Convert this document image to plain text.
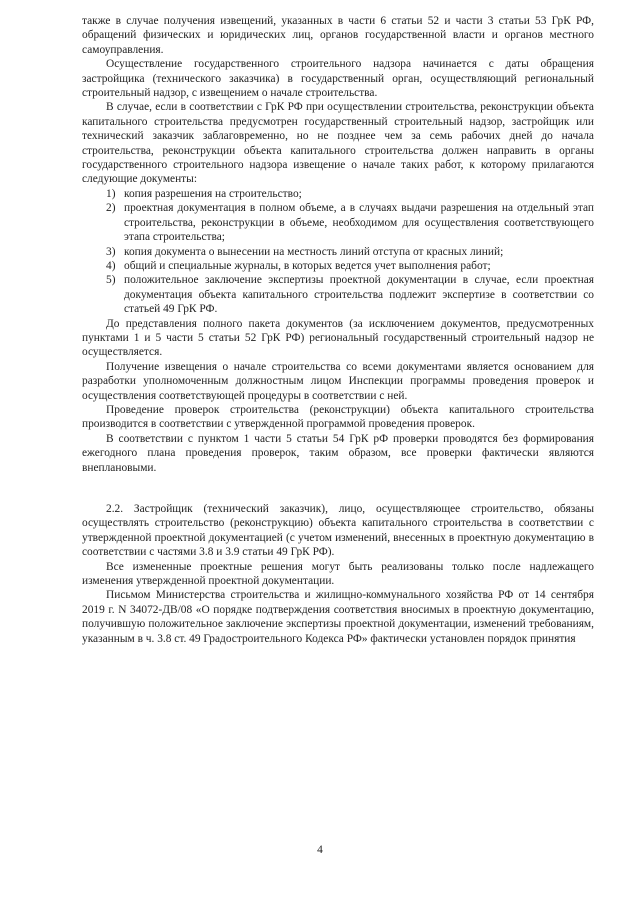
также в случае получения извещений, указанных в части 6 статьи 52 и части 3 статьи 53 ГрК РФ, обращений физических и юридических лиц, органов государственной власти и органов местного самоуправления.

Осуществление государственного строительного надзора начинается с даты обращения застройщика (технического заказчика) в государственный орган, осуществляющий региональный строительный надзор, с извещением о начале строительства.

В случае, если в соответствии с ГрК РФ при осуществлении строительства, реконструкции объекта капитального строительства предусмотрен государственный строительный надзор, застройщик или технический заказчик заблаговременно, но не позднее чем за семь рабочих дней до начала строительства, реконструкции объекта капитального строительства должен направить в органы государственного строительного надзора извещение о начале таких работ, к которому прилагаются следующие документы:

1) копия разрешения на строительство;
2) проектная документация в полном объеме, а в случаях выдачи разрешения на отдельный этап строительства, реконструкции в объеме, необходимом для осуществления соответствующего этапа строительства;
3) копия документа о вынесении на местность линий отступа от красных линий;
4) общий и специальные журналы, в которых ведется учет выполнения работ;
5) положительное заключение экспертизы проектной документации в случае, если проектная документация объекта капитального строительства подлежит экспертизе в соответствии со статьей 49 ГрК РФ.

До представления полного пакета документов (за исключением документов, предусмотренных пунктами 1 и 5 части 5 статьи 52 ГрК РФ) региональный государственный строительный надзор не осуществляется.

Получение извещения о начале строительства со всеми документами является основанием для разработки уполномоченным должностным лицом Инспекции программы проведения проверок и осуществления соответствующей процедуры в соответствии с ней.

Проведение проверок строительства (реконструкции) объекта капитального строительства производится в соответствии с утвержденной программой проведения проверок.

В соответствии с пунктом 1 части 5 статьи 54 ГрК рФ проверки проводятся без формирования ежегодного плана проведения проверок, таким образом, все проверки фактически являются внеплановыми.

2.2. Застройщик (технический заказчик), лицо, осуществляющее строительство, обязаны осуществлять строительство (реконструкцию) объекта капитального строительства в соответствии с утвержденной проектной документацией (с учетом изменений, внесенных в проектную документацию в соответствии с частями 3.8 и 3.9 статьи 49 ГрК РФ).

Все измененные проектные решения могут быть реализованы только после надлежащего изменения утвержденной проектной документации.

Письмом Министерства строительства и жилищно-коммунального хозяйства РФ от 14 сентября 2019 г. N 34072-ДВ/08 «О порядке подтверждения соответствия вносимых в проектную документацию, получившую положительное заключение экспертизы проектной документации, изменений требованиям, указанным в ч. 3.8 ст. 49 Градостроительного Кодекса РФ» фактически установлен порядок принятия

4
